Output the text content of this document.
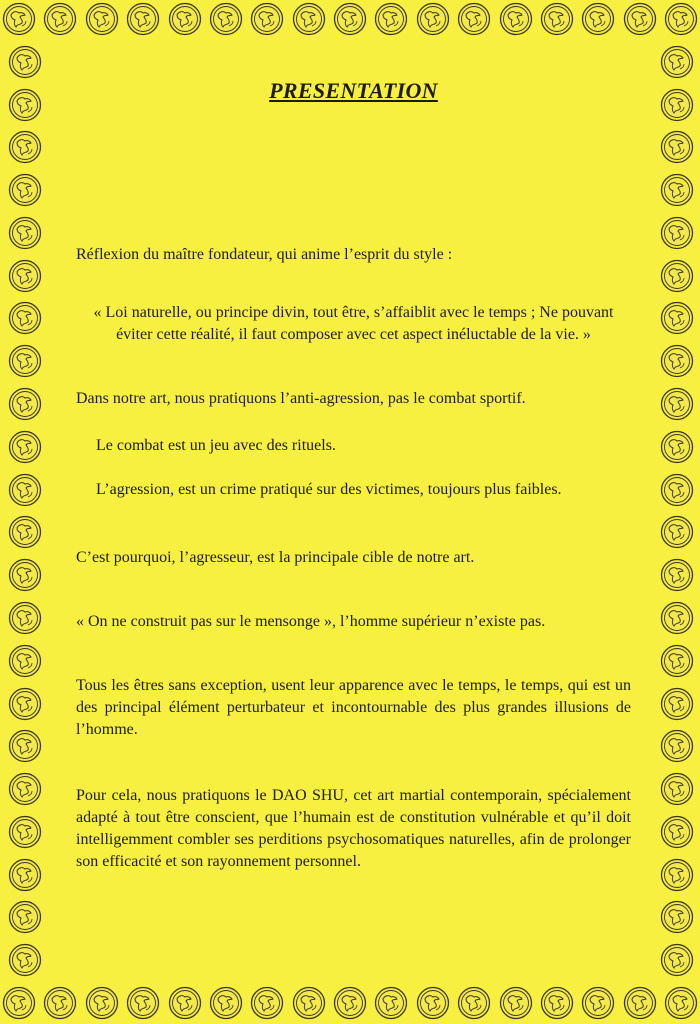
PRESENTATION

Réflexion du maître fondateur, qui anime l’esprit du style :

« Loi naturelle, ou principe divin, tout être, s’affaiblit avec le temps ; Ne pouvant éviter cette réalité, il faut composer avec cet aspect inéluctable de la vie. »

Dans notre art, nous pratiquons l’anti-agression, pas le combat sportif.

Le combat est un jeu avec des rituels.

L’agression, est un crime pratiqué sur des victimes, toujours plus faibles.

C’est pourquoi, l’agresseur, est la principale cible de notre art.

« On ne construit pas sur le mensonge », l’homme supérieur n’existe pas.

Tous les êtres sans exception, usent leur apparence avec le temps, le temps, qui est un des principal élément perturbateur et incontournable des plus grandes illusions de l’homme.

Pour cela, nous pratiquons le DAO SHU, cet art martial contemporain, spécialement adapté à tout être conscient, que l’humain est de constitution vulnérable et qu’il doit intelligemment combler ses perditions psychosomatiques naturelles, afin de prolonger son efficacité et son rayonnement personnel.
